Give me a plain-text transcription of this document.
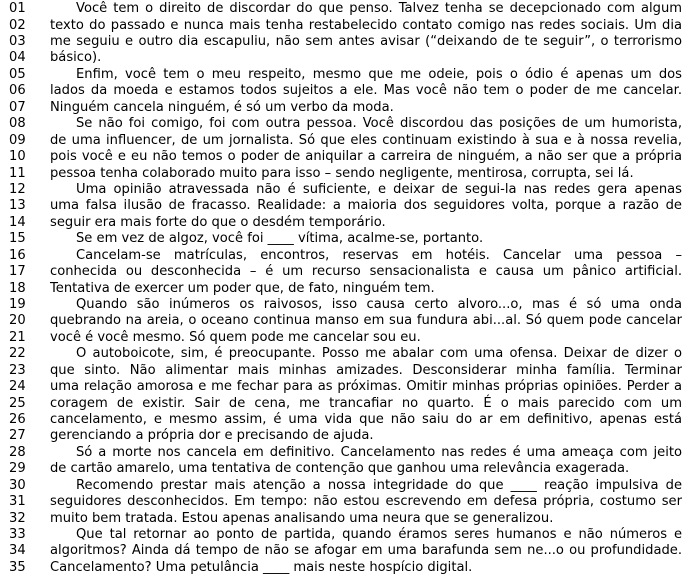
01	Você tem o direito de discordar do que penso. Talvez tenha se decepcionado com algum
02	texto do passado e nunca mais tenha restabelecido contato comigo nas redes sociais. Um dia
03	me seguiu e outro dia escapuliu, não sem antes avisar (“deixando de te seguir”, o terrorismo
04	básico).
05	Enfim, você tem o meu respeito, mesmo que me odeie, pois o ódio é apenas um dos
06	lados da moeda e estamos todos sujeitos a ele. Mas você não tem o poder de me cancelar.
07	Ninguém cancela ninguém, é só um verbo da moda.
08	Se não foi comigo, foi com outra pessoa. Você discordou das posições de um humorista,
09	de uma influencer, de um jornalista. Só que eles continuam existindo à sua e à nossa revelia,
10	pois você e eu não temos o poder de aniquilar a carreira de ninguém, a não ser que a própria
11	pessoa tenha colaborado muito para isso – sendo negligente, mentirosa, corrupta, sei lá.
12	Uma opinião atravessada não é suficiente, e deixar de segui-la nas redes gera apenas
13	uma falsa ilusão de fracasso. Realidade: a maioria dos seguidores volta, porque a razão de
14	seguir era mais forte do que o desdém temporário.
15	Se em vez de algoz, você foi ____ vítima, acalme-se, portanto.
16	Cancelam-se matrículas, encontros, reservas em hotéis. Cancelar uma pessoa –
17	conhecida ou desconhecida – é um recurso sensacionalista e causa um pânico artificial.
18	Tentativa de exercer um poder que, de fato, ninguém tem.
19	Quando são inúmeros os raivosos, isso causa certo alvoro...o, mas é só uma onda
20	quebrando na areia, o oceano continua manso em sua fundura abi...al. Só quem pode cancelar
21	você é você mesmo. Só quem pode me cancelar sou eu.
22	O autoboicote, sim, é preocupante. Posso me abalar com uma ofensa. Deixar de dizer o
23	que sinto. Não alimentar mais minhas amizades. Desconsiderar minha família. Terminar
24	uma relação amorosa e me fechar para as próximas. Omitir minhas próprias opiniões. Perder a
25	coragem de existir. Sair de cena, me trancafiar no quarto. É o mais parecido com um
26	cancelamento, e mesmo assim, é uma vida que não saiu do ar em definitivo, apenas está
27	gerenciando a própria dor e precisando de ajuda.
28	Só a morte nos cancela em definitivo. Cancelamento nas redes é uma ameaça com jeito
29	de cartão amarelo, uma tentativa de contenção que ganhou uma relevância exagerada.
30	Recomendo prestar mais atenção a nossa integridade do que ____ reação impulsiva de
31	seguidores desconhecidos. Em tempo: não estou escrevendo em defesa própria, costumo ser
32	muito bem tratada. Estou apenas analisando uma neura que se generalizou.
33	Que tal retornar ao ponto de partida, quando éramos seres humanos e não números e
34	algoritmos? Ainda dá tempo de não se afogar em uma barafunda sem ne...o ou profundidade.
35	Cancelamento? Uma petulância ____ mais neste hospício digital.
